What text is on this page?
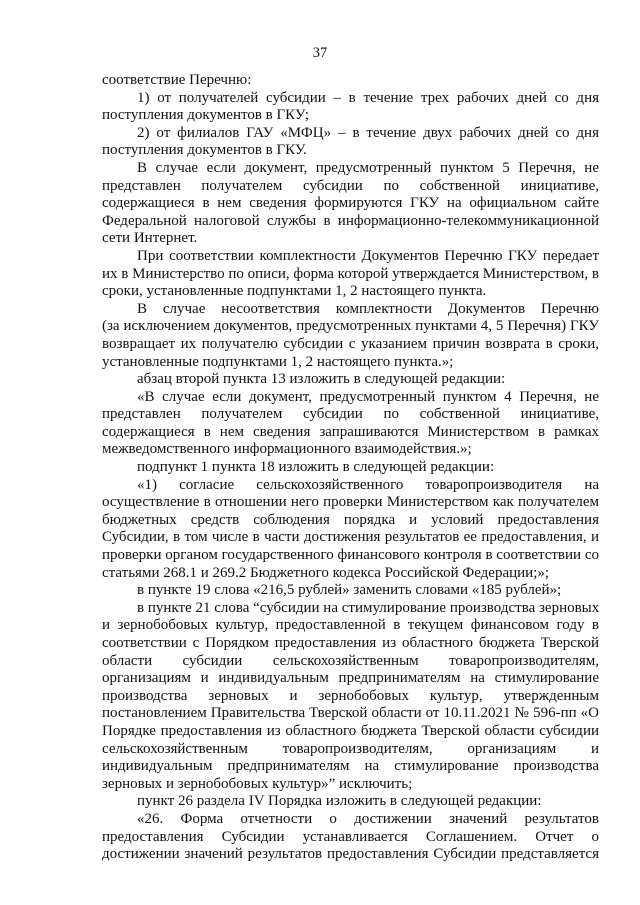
37
соответствие Перечню:
1) от получателей субсидии – в течение трех рабочих дней со дня
поступления документов в ГКУ;
2) от филиалов ГАУ «МФЦ» – в течение двух рабочих дней со дня
поступления документов в ГКУ.
В случае если документ, предусмотренный пунктом 5 Перечня, не
представлен получателем субсидии по собственной инициативе,
содержащиеся в нем сведения формируются ГКУ на официальном сайте
Федеральной налоговой службы в информационно-телекоммуникационной
сети Интернет.
При соответствии комплектности Документов Перечню ГКУ передает
их в Министерство по описи, форма которой утверждается Министерством, в
сроки, установленные подпунктами 1, 2 настоящего пункта.
В случае несоответствия комплектности Документов Перечню
(за исключением документов, предусмотренных пунктами 4, 5 Перечня) ГКУ
возвращает их получателю субсидии с указанием причин возврата в сроки,
установленные подпунктами 1, 2 настоящего пункта.»;
абзац второй пункта 13 изложить в следующей редакции:
«В случае если документ, предусмотренный пунктом 4 Перечня, не
представлен получателем субсидии по собственной инициативе,
содержащиеся в нем сведения запрашиваются Министерством в рамках
межведомственного информационного взаимодействия.»;
подпункт 1 пункта 18 изложить в следующей редакции:
«1) согласие сельскохозяйственного товаропроизводителя на
осуществление в отношении него проверки Министерством как получателем
бюджетных средств соблюдения порядка и условий предоставления
Субсидии, в том числе в части достижения результатов ее предоставления, и
проверки органом государственного финансового контроля в соответствии со
статьями 268.1 и 269.2 Бюджетного кодекса Российской Федерации;»;
в пункте 19 слова «216,5 рублей» заменить словами «185 рублей»;
в пункте 21 слова “субсидии на стимулирование производства зерновых
и зернобобовых культур, предоставленной в текущем финансовом году в
соответствии с Порядком предоставления из областного бюджета Тверской
области субсидии сельскохозяйственным товаропроизводителям,
организациям и индивидуальным предпринимателям на стимулирование
производства зерновых и зернобобовых культур, утвержденным
постановлением Правительства Тверской области от 10.11.2021 № 596-пп «О
Порядке предоставления из областного бюджета Тверской области субсидии
сельскохозяйственным товаропроизводителям, организациям и
индивидуальным предпринимателям на стимулирование производства
зерновых и зернобобовых культур»” исключить;
пункт 26 раздела IV Порядка изложить в следующей редакции:
«26. Форма отчетности о достижении значений результатов
предоставления Субсидии устанавливается Соглашением. Отчет о
достижении значений результатов предоставления Субсидии представляется
